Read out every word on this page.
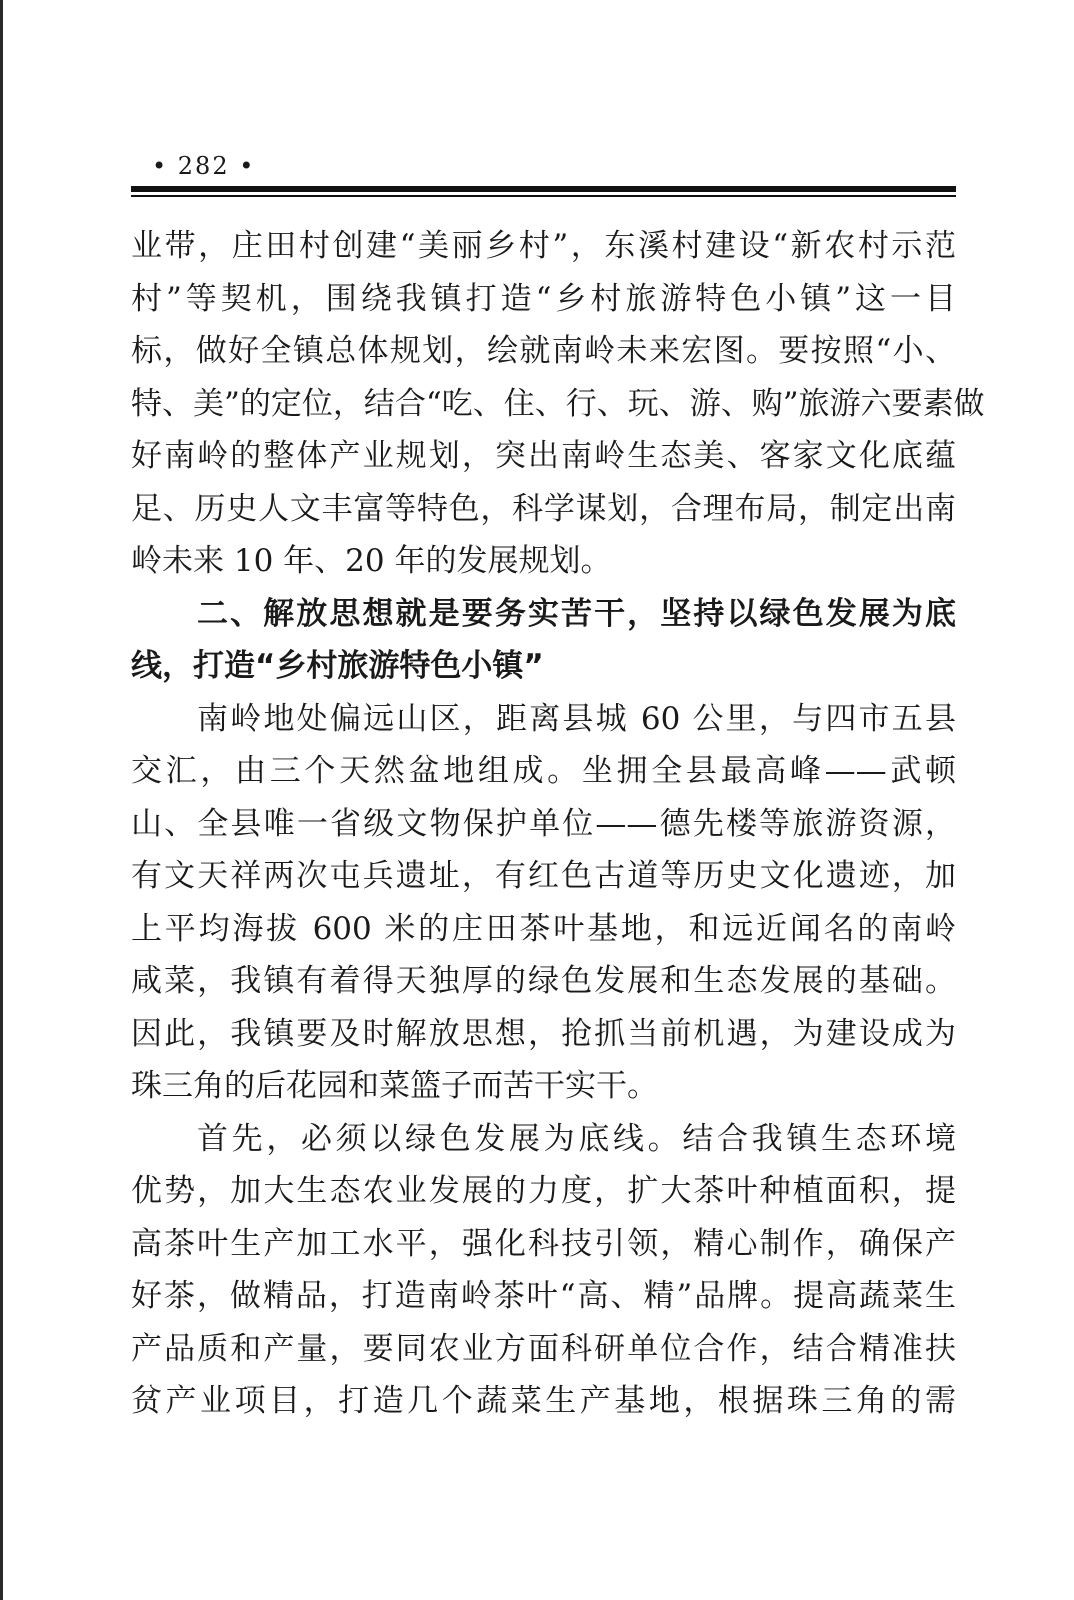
• 282 •
业带，庄田村创建“美丽乡村”，东溪村建设“新农村示范
村”等契机，围绕我镇打造“乡村旅游特色小镇”这一目
标，做好全镇总体规划，绘就南岭未来宏图。要按照“小、
特、美”的定位，结合“吃、住、行、玩、游、购”旅游六要素做
好南岭的整体产业规划，突出南岭生态美、客家文化底蕴
足、历史人文丰富等特色，科学谋划，合理布局，制定出南
岭未来 10 年、20 年的发展规划。
二、解放思想就是要务实苦干，坚持以绿色发展为底
线，打造“乡村旅游特色小镇”
南岭地处偏远山区，距离县城 60 公里，与四市五县
交汇，由三个天然盆地组成。坐拥全县最高峰——武顿
山、全县唯一省级文物保护单位——德先楼等旅游资源，
有文天祥两次屯兵遗址，有红色古道等历史文化遗迹，加
上平均海拔 600 米的庄田茶叶基地，和远近闻名的南岭
咸菜，我镇有着得天独厚的绿色发展和生态发展的基础。
因此，我镇要及时解放思想，抢抓当前机遇，为建设成为
珠三角的后花园和菜篮子而苦干实干。
首先，必须以绿色发展为底线。结合我镇生态环境
优势，加大生态农业发展的力度，扩大茶叶种植面积，提
高茶叶生产加工水平，强化科技引领，精心制作，确保产
好茶，做精品，打造南岭茶叶“高、精”品牌。提高蔬菜生
产品质和产量，要同农业方面科研单位合作，结合精准扶
贫产业项目，打造几个蔬菜生产基地，根据珠三角的需
